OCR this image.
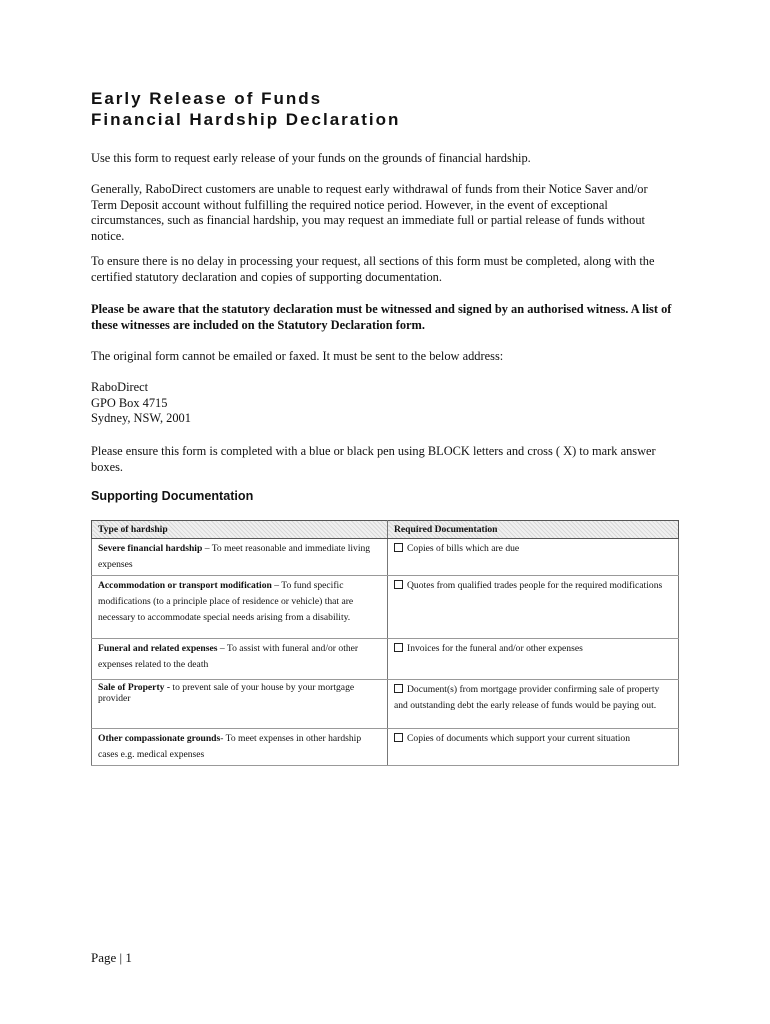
Early Release of Funds
Financial Hardship Declaration

Use this form to request early release of your funds on the grounds of financial hardship.

Generally, RaboDirect customers are unable to request early withdrawal of funds from their Notice Saver and/or Term Deposit account without fulfilling the required notice period. However, in the event of exceptional circumstances, such as financial hardship, you may request an immediate full or partial release of funds without notice.

To ensure there is no delay in processing your request, all sections of this form must be completed, along with the certified statutory declaration and copies of supporting documentation.

Please be aware that the statutory declaration must be witnessed and signed by an authorised witness. A list of these witnesses are included on the Statutory Declaration form.

The original form cannot be emailed or faxed. It must be sent to the below address:

RaboDirect
GPO Box 4715
Sydney, NSW, 2001

Please ensure this form is completed with a blue or black pen using BLOCK letters and cross ( X) to mark answer boxes.

Supporting Documentation
Type of hardship	Required Documentation
Severe financial hardship – To meet reasonable and immediate living expenses	Copies of bills which are due
Accommodation or transport modification – To fund specific modifications (to a principle place of residence or vehicle) that are necessary to accommodate special needs arising from a disability.	Quotes from qualified trades people for the required modifications
Funeral and related expenses – To assist with funeral and/or other expenses related to the death	Invoices for the funeral and/or other expenses
Sale of Property - to prevent sale of your house by your mortgage provider	Document(s) from mortgage provider confirming sale of property and outstanding debt the early release of funds would be paying out.
Other compassionate grounds- To meet expenses in other hardship cases e.g. medical expenses	Copies of documents which support your current situation

Page | 1
